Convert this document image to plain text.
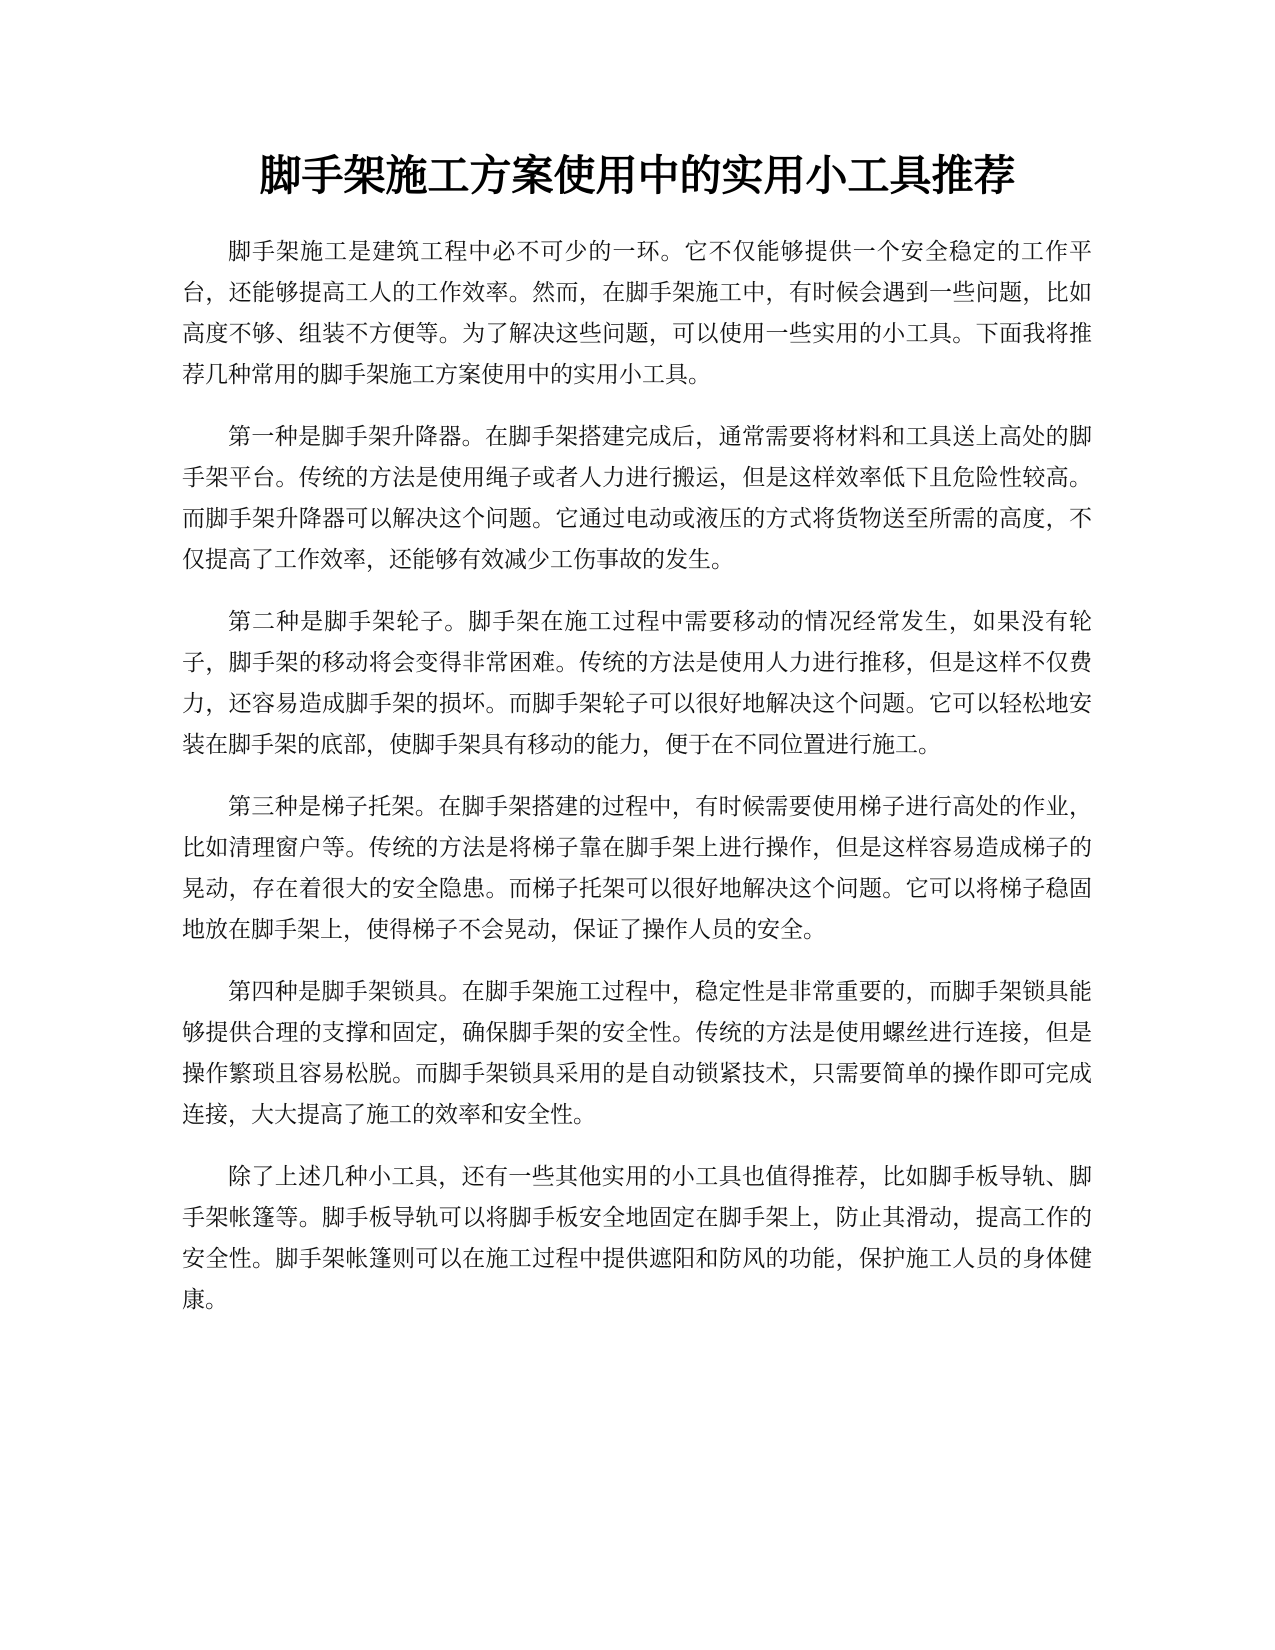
脚手架施工方案使用中的实用小工具推荐

脚手架施工是建筑工程中必不可少的一环。它不仅能够提供一个安全稳定的工作平台，还能够提高工人的工作效率。然而，在脚手架施工中，有时候会遇到一些问题，比如高度不够、组装不方便等。为了解决这些问题，可以使用一些实用的小工具。下面我将推荐几种常用的脚手架施工方案使用中的实用小工具。

第一种是脚手架升降器。在脚手架搭建完成后，通常需要将材料和工具送上高处的脚手架平台。传统的方法是使用绳子或者人力进行搬运，但是这样效率低下且危险性较高。而脚手架升降器可以解决这个问题。它通过电动或液压的方式将货物送至所需的高度，不仅提高了工作效率，还能够有效减少工伤事故的发生。

第二种是脚手架轮子。脚手架在施工过程中需要移动的情况经常发生，如果没有轮子，脚手架的移动将会变得非常困难。传统的方法是使用人力进行推移，但是这样不仅费力，还容易造成脚手架的损坏。而脚手架轮子可以很好地解决这个问题。它可以轻松地安装在脚手架的底部，使脚手架具有移动的能力，便于在不同位置进行施工。

第三种是梯子托架。在脚手架搭建的过程中，有时候需要使用梯子进行高处的作业，比如清理窗户等。传统的方法是将梯子靠在脚手架上进行操作，但是这样容易造成梯子的晃动，存在着很大的安全隐患。而梯子托架可以很好地解决这个问题。它可以将梯子稳固地放在脚手架上，使得梯子不会晃动，保证了操作人员的安全。

第四种是脚手架锁具。在脚手架施工过程中，稳定性是非常重要的，而脚手架锁具能够提供合理的支撑和固定，确保脚手架的安全性。传统的方法是使用螺丝进行连接，但是操作繁琐且容易松脱。而脚手架锁具采用的是自动锁紧技术，只需要简单的操作即可完成连接，大大提高了施工的效率和安全性。

除了上述几种小工具，还有一些其他实用的小工具也值得推荐，比如脚手板导轨、脚手架帐篷等。脚手板导轨可以将脚手板安全地固定在脚手架上，防止其滑动，提高工作的安全性。脚手架帐篷则可以在施工过程中提供遮阳和防风的功能，保护施工人员的身体健康。
